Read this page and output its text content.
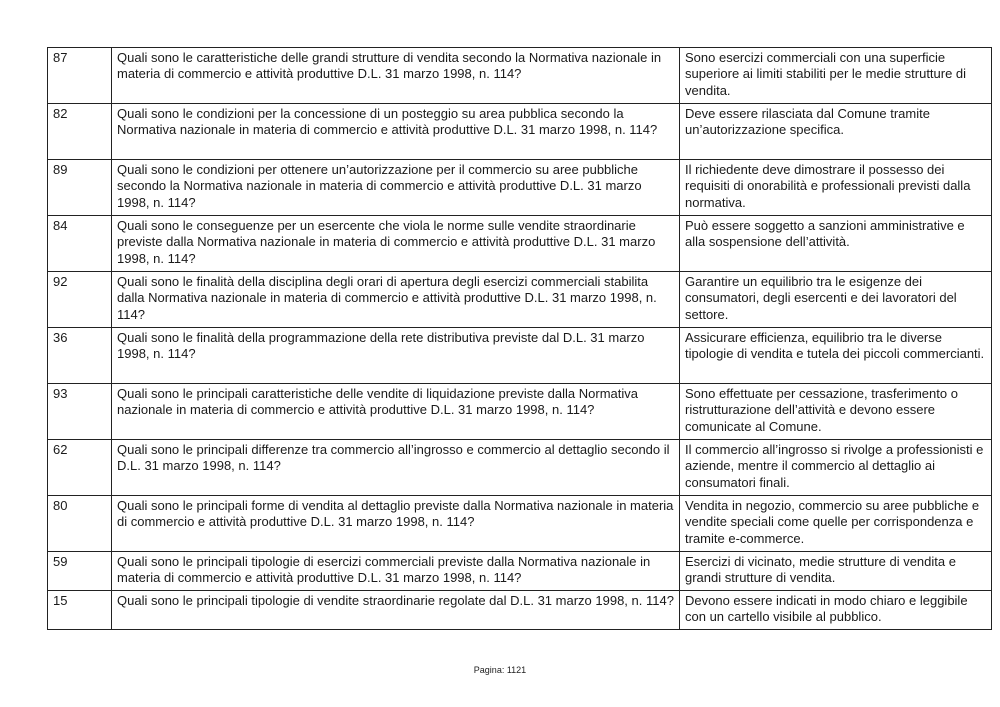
87	Quali sono le caratteristiche delle grandi strutture di vendita secondo la Normativa nazionale in materia di commercio e attività produttive D.L. 31 marzo 1998, n. 114?	Sono esercizi commerciali con una superficie superiore ai limiti stabiliti per le medie strutture di vendita.
82	Quali sono le condizioni per la concessione di un posteggio su area pubblica secondo la Normativa nazionale in materia di commercio e attività produttive D.L. 31 marzo 1998, n. 114?	Deve essere rilasciata dal Comune tramite un’autorizzazione specifica.
89	Quali sono le condizioni per ottenere un’autorizzazione per il commercio su aree pubbliche secondo la Normativa nazionale in materia di commercio e attività produttive D.L. 31 marzo 1998, n. 114?	Il richiedente deve dimostrare il possesso dei requisiti di onorabilità e professionali previsti dalla normativa.
84	Quali sono le conseguenze per un esercente che viola le norme sulle vendite straordinarie previste dalla Normativa nazionale in materia di commercio e attività produttive D.L. 31 marzo 1998, n. 114?	Può essere soggetto a sanzioni amministrative e alla sospensione dell’attività.
92	Quali sono le finalità della disciplina degli orari di apertura degli esercizi commerciali stabilita dalla Normativa nazionale in materia di commercio e attività produttive D.L. 31 marzo 1998, n. 114?	Garantire un equilibrio tra le esigenze dei consumatori, degli esercenti e dei lavoratori del settore.
36	Quali sono le finalità della programmazione della rete distributiva previste dal D.L. 31 marzo 1998, n. 114?	Assicurare efficienza, equilibrio tra le diverse tipologie di vendita e tutela dei piccoli commercianti.
93	Quali sono le principali caratteristiche delle vendite di liquidazione previste dalla Normativa nazionale in materia di commercio e attività produttive D.L. 31 marzo 1998, n. 114?	Sono effettuate per cessazione, trasferimento o ristrutturazione dell’attività e devono essere comunicate al Comune.
62	Quali sono le principali differenze tra commercio all’ingrosso e commercio al dettaglio secondo il D.L. 31 marzo 1998, n. 114?	Il commercio all’ingrosso si rivolge a professionisti e aziende, mentre il commercio al dettaglio ai consumatori finali.
80	Quali sono le principali forme di vendita al dettaglio previste dalla Normativa nazionale in materia di commercio e attività produttive D.L. 31 marzo 1998, n. 114?	Vendita in negozio, commercio su aree pubbliche e vendite speciali come quelle per corrispondenza e tramite e-commerce.
59	Quali sono le principali tipologie di esercizi commerciali previste dalla Normativa nazionale in materia di commercio e attività produttive D.L. 31 marzo 1998, n. 114?	Esercizi di vicinato, medie strutture di vendita e grandi strutture di vendita.
15	Quali sono le principali tipologie di vendite straordinarie regolate dal D.L. 31 marzo 1998, n. 114?	Devono essere indicati in modo chiaro e leggibile con un cartello visibile al pubblico.
Pagina: 1121
